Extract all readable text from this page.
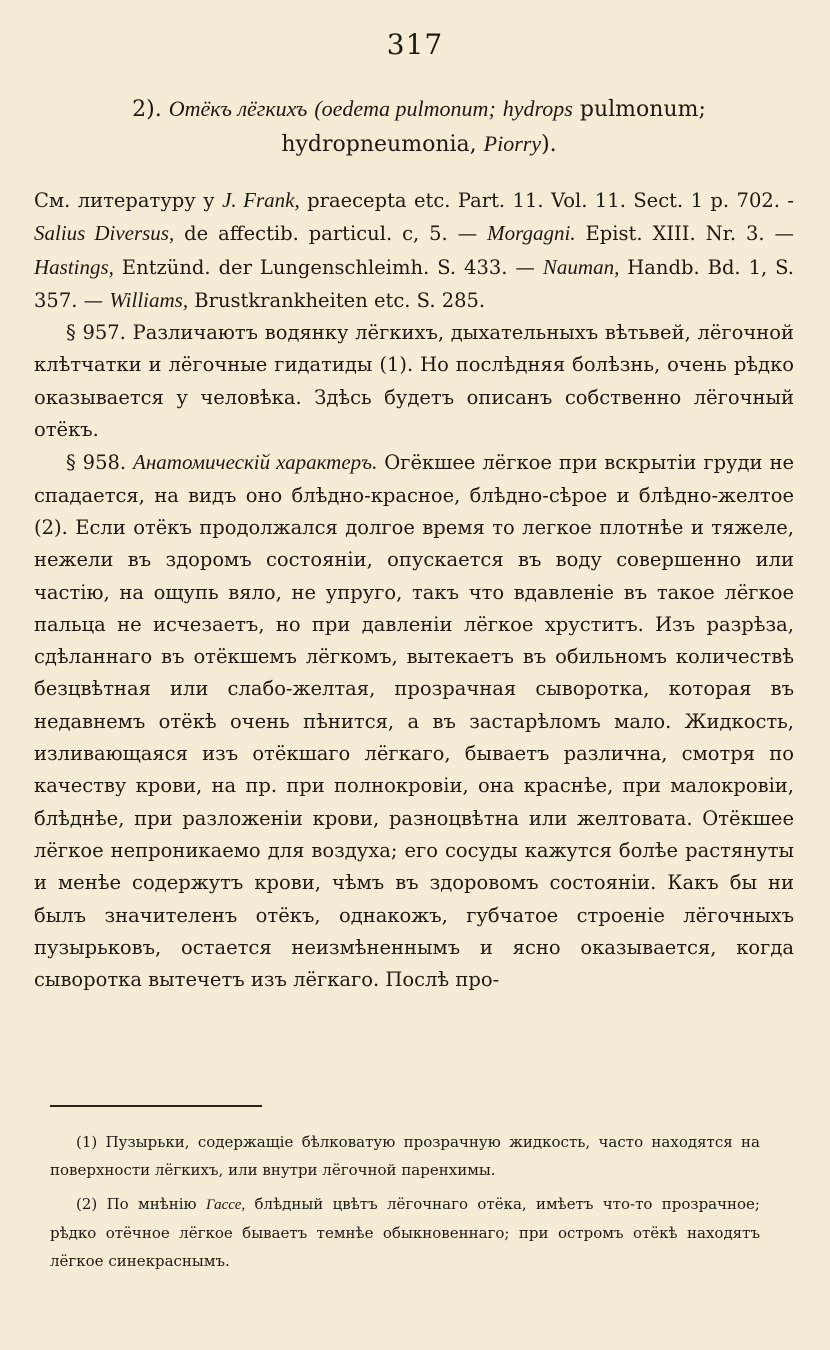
317
2). Отёкъ лёгкихъ (oedema pulmonum; hydrops pulmonum;
hydropneumonia, Piorry).

См. литературу у J. Frank, praecepta etc. Part. 11. Vol. 11. Sect. 1 p. 702. - Salius Diversus, de affectib. particul. c, 5. — Morgagni. Epist. XIII. Nr. 3. — Hastings, Entzünd. der Lungenschleimh. S. 433. — Nauman, Handb. Bd. 1, S. 357. — Williams, Brustkrankheiten etc. S. 285.

§ 957. Различаютъ водянку лёгкихъ, дыхательныхъ вѣтьвей, лёгочной клѣтчатки и лёгочные гидатиды (1). Но послѣдняя болѣзнь, очень рѣдко оказывается у человѣка. Здѣсь будетъ описанъ собственно лёгочный отёкъ.

§ 958. Анатомическій характеръ. Огёкшее лёгкое при вскрытіи груди не спадается, на видъ оно блѣдно-красное, блѣдно-сѣрое и блѣдно-желтое (2). Если отёкъ продолжался долгое время то легкое плотнѣе и тяжеле, нежели въ здоромъ состояніи, опускается въ воду совершенно или частію, на ощупь вяло, не упруго, такъ что вдавленіе въ такое лёгкое пальца не исчезаетъ, но при давленіи лёгкое хруститъ. Изъ разрѣза, сдѣланнаго въ отёкшемъ лёгкомъ, вытекаетъ въ обильномъ количествѣ безцвѣтная или слабо-желтая, прозрачная сыворотка, которая въ недавнемъ отёкѣ очень пѣнится, а въ застарѣломъ мало. Жидкость, изливающаяся изъ отёкшаго лёгкаго, бываетъ различна, смотря по качеству крови, на пр. при полнокровіи, она краснѣе, при малокровіи, блѣднѣе, при разложеніи крови, разноцвѣтна или желтовата. Отёкшее лёгкое непроникаемо для воздуха; его сосуды кажутся болѣе растянуты и менѣе содержутъ крови, чѣмъ въ здоровомъ состояніи. Какъ бы ни былъ значителенъ отёкъ, однакожъ, губчатое строеніе лёгочныхъ пузырьковъ, остается неизмѣненнымъ и ясно оказывается, когда сыворотка вытечетъ изъ лёгкаго. Послѣ про-

(1) Пузырьки, содержащіе бѣлковатую прозрачную жидкость, часто находятся на поверхности лёгкихъ, или внутри лёгочной паренхимы.

(2) По мнѣнію Гассе, блѣдный цвѣтъ лёгочнаго отёка, имѣетъ что-то прозрачное; рѣдко отёчное лёгкое бываетъ темнѣе обыкновеннаго; при остромъ отёкѣ находятъ лёгкое синекраснымъ.
